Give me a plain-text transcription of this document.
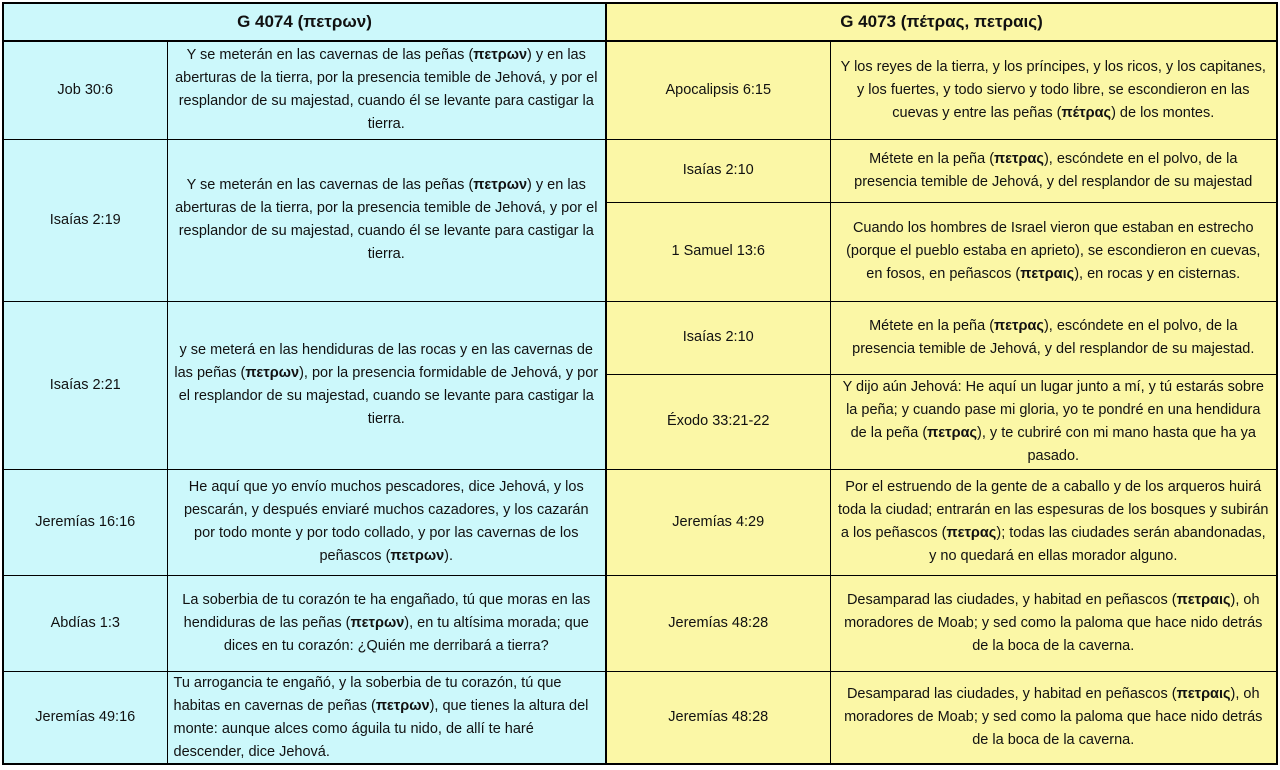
G 4074 (πετρων)	
Job 30:6	Y se meterán en las cavernas de las peñas (πετρων) y en las aberturas de la tierra, por la presencia temible de Jehová, y por el resplandor de su majestad, cuando él se levante para castigar la tierra.
Isaías 2:19	Y se meterán en las cavernas de las peñas (πετρων) y en las aberturas de la tierra, por la presencia temible de Jehová, y por el resplandor de su majestad, cuando él se levante para castigar la tierra.
Isaías 2:21	y se meterá en las hendiduras de las rocas y en las cavernas de las peñas (πετρων), por la presencia formidable de Jehová, y por el resplandor de su majestad, cuando se levante para castigar la tierra.
Jeremías 16:16	He aquí que yo envío muchos pescadores, dice Jehová, y los pescarán, y después enviaré muchos cazadores, y los cazarán por todo monte y por todo collado, y por las cavernas de los peñascos (πετρων).
Abdías 1:3	La soberbia de tu corazón te ha engañado, tú que moras en las hendiduras de las peñas (πετρων), en tu altísima morada; que dices en tu corazón: ¿Quién me derribará a tierra?
Jeremías 49:16	Tu arrogancia te engañó, y la soberbia de tu corazón, tú que habitas en cavernas de peñas (πετρων), que tienes la altura del monte: aunque alces como águila tu nido, de allí te haré descender, dice Jehová.
G 4073 (πέτρας, πετραις)	
Apocalipsis 6:15	Y los reyes de la tierra, y los príncipes, y los ricos, y los capitanes, y los fuertes, y todo siervo y todo libre, se escondieron en las cuevas y entre las peñas (πέτρας) de los montes.
Isaías 2:10	Métete en la peña (πετρας), escóndete en el polvo, de la presencia temible de Jehová, y del resplandor de su majestad
1 Samuel 13:6	Cuando los hombres de Israel vieron que estaban en estrecho (porque el pueblo estaba en aprieto), se escondieron en cuevas, en fosos, en peñascos (πετραις), en rocas y en cisternas.
Isaías 2:10	Métete en la peña (πετρας), escóndete en el polvo, de la presencia temible de Jehová, y del resplandor de su majestad.
Éxodo 33:21-22	Y dijo aún Jehová: He aquí un lugar junto a mí, y tú estarás sobre la peña; y cuando pase mi gloria, yo te pondré en una hendidura de la peña (πετρας), y te cubriré con mi mano hasta que ha ya pasado.
Jeremías 4:29	Por el estruendo de la gente de a caballo y de los arqueros huirá toda la ciudad; entrarán en las espesuras de los bosques y subirán a los peñascos (πετρας); todas las ciudades serán abandonadas, y no quedará en ellas morador alguno.
Jeremías 48:28	Desamparad las ciudades, y habitad en peñascos (πετραις), oh moradores de Moab; y sed como la paloma que hace nido detrás de la boca de la caverna.
Jeremías 48:28	Desamparad las ciudades, y habitad en peñascos (πετραις), oh moradores de Moab; y sed como la paloma que hace nido detrás de la boca de la caverna.
